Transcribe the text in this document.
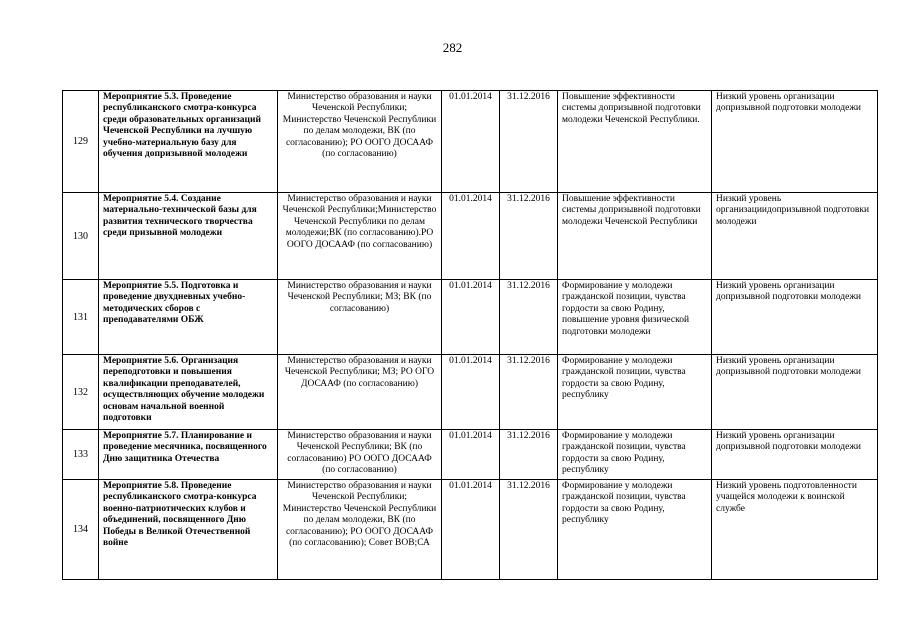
282
129	Мероприятие 5.3. Проведение республиканского смотра-конкурса среди образовательных организаций Чеченской Республики на лучшую учебно-материальную базу для обучения допризывной молодежи	Министерство образования и науки Чеченской Республики; Министерство Чеченской Республики по делам молодежи, ВК (по согласованию); РО ООГО ДОСААФ (по согласованию)	01.01.2014	31.12.2016	Повышение эффективности системы допризывной подготовки молодежи Чеченской Республики.	Низкий уровень организации допризывной подготовки молодежи
130	Мероприятие 5.4. Создание материально-технической базы для развития технического творчества среди призывной молодежи	Министерство образования и науки Чеченской Республики;Министерство Чеченской Республики по делам молодежи;ВК (по согласованию).РО ООГО ДОСААФ (по согласованию)	01.01.2014	31.12.2016	Повышение эффективности системы допризывной подготовки молодежи Чеченской Республики	Низкий уровень организациидопризывной подготовки молодежи
131	Мероприятие 5.5. Подготовка и проведение двухдневных учебно-методических сборов с преподавателями ОБЖ	Министерство образования и науки Чеченской Республики; МЗ; ВК (по согласованию)	01.01.2014	31.12.2016	Формирование у молодежи гражданской позиции, чувства гордости за свою Родину, повышение уровня физической подготовки молодежи	Низкий уровень организации допризывной подготовки молодежи
132	Мероприятие 5.6. Организация переподготовки и повышения квалификации преподавателей, осуществляющих обучение молодежи основам начальной военной подготовки	Министерство образования и науки Чеченской Республики; МЗ; РО ОГО ДОСААФ (по согласованию)	01.01.2014	31.12.2016	Формирование у молодежи гражданской позиции, чувства гордости за свою Родину, республику	Низкий уровень организации допризывной подготовки молодежи
133	Мероприятие 5.7. Планирование и проведение месячника, посвященного Дню защитника Отечества	Министерство образования и науки Чеченской Республики; ВК (по согласованию) РО ООГО ДОСААФ (по согласованию)	01.01.2014	31.12.2016	Формирование у молодежи гражданской позиции, чувства гордости за свою Родину, республику	Низкий уровень организации допризывной подготовки молодежи
134	Мероприятие 5.8. Проведение республиканского смотра-конкурса военно-патриотических клубов и объединений, посвященного Дню Победы в Великой Отечественной войне	Министерство образования и науки Чеченской Республики; Министерство Чеченской Республики по делам молодежи, ВК (по согласованию); РО ООГО ДОСААФ (по согласованию); Совет ВОВ;СА	01.01.2014	31.12.2016	Формирование у молодежи гражданской позиции, чувства гордости за свою Родину, республику	Низкий уровень подготовленности учащейся молодежи к воинской службе
